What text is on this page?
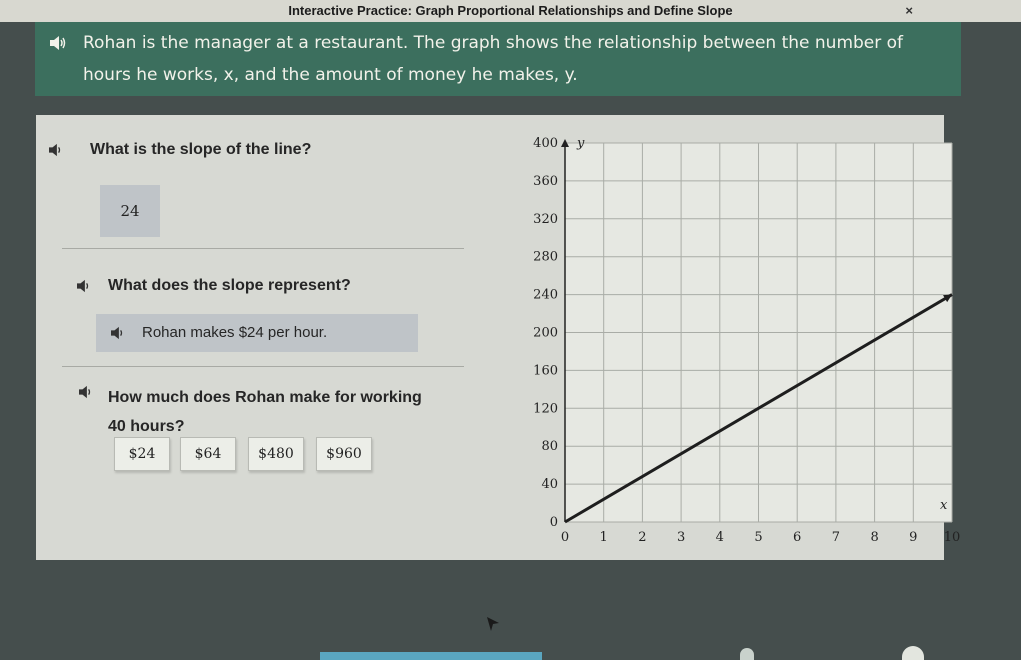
Interactive Practice: Graph Proportional Relationships and Define Slope	×
Rohan is the manager at a restaurant. The graph shows the relationship between the number of
hours he works, x, and the amount of money he makes, y.
What is the slope of the line?
24
What does the slope represent?
Rohan makes $24 per hour.
How much does Rohan make for working
40 hours?
$24	$64	$480	$960
0 1 2 3 4 5 6 7 8 9 10
0
40
80
120
160
200
240
280
320
360
400 y
x
